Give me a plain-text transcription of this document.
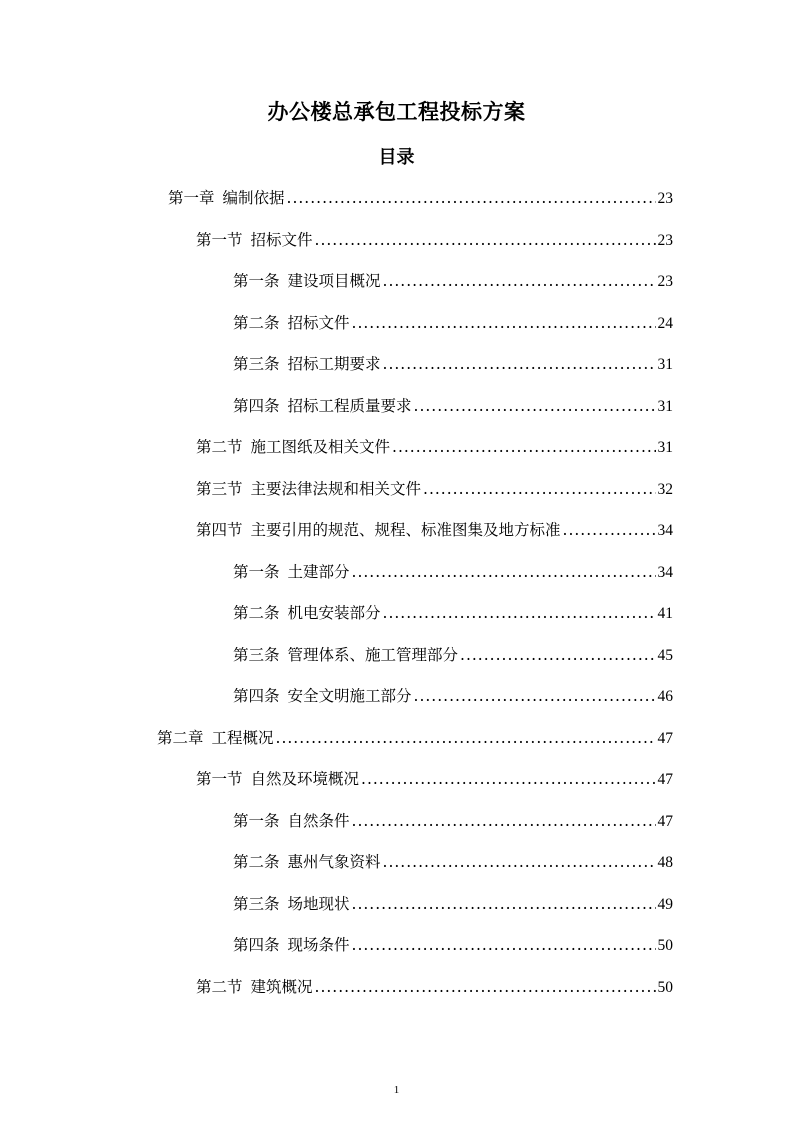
办公楼总承包工程投标方案
目录
第一章 编制依据 .....	23
第一节 招标文件 .....	23
第一条 建设项目概况 .....	23
第二条 招标文件 .....	24
第三条 招标工期要求 .....	31
第四条 招标工程质量要求 .....	31
第二节 施工图纸及相关文件 .....	31
第三节 主要法律法规和相关文件 .....	32
第四节 主要引用的规范、规程、标准图集及地方标准 .....	34
第一条 土建部分 .....	34
第二条 机电安装部分 .....	41
第三条 管理体系、施工管理部分 .....	45
第四条 安全文明施工部分 .....	46
第二章 工程概况 .....	47
第一节 自然及环境概况 .....	47
第一条 自然条件 .....	47
第二条 惠州气象资料 .....	48
第三条 场地现状 .....	49
第四条 现场条件 .....	50
第二节 建筑概况 .....	50
1
